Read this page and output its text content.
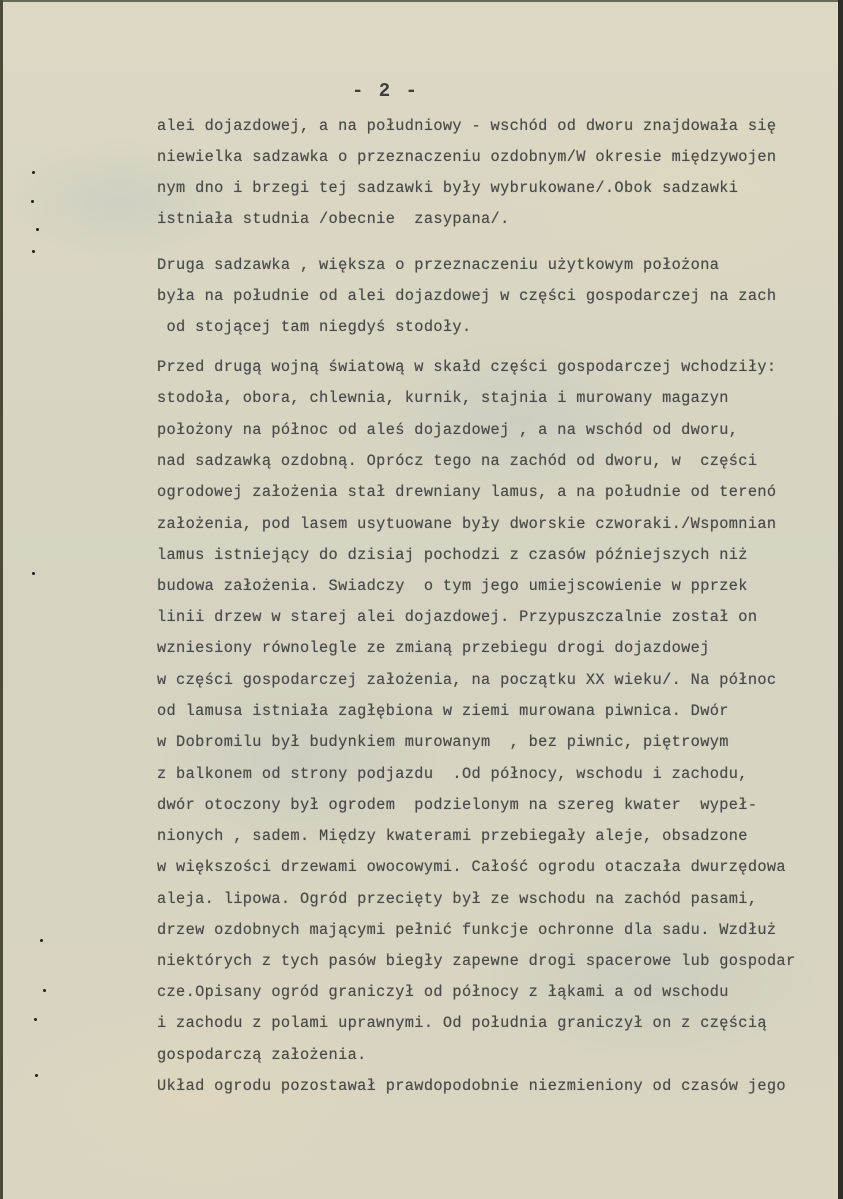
- 2 -
alei dojazdowej, a na południowy - wschód od dworu znajdowała się
niewielka sadzawka o przeznaczeniu ozdobnym/W okresie międzywojen
nym dno i brzegi tej sadzawki były wybrukowane/.Obok sadzawki
istniała studnia /obecnie  zasypana/.
Druga sadzawka , większa o przeznaczeniu użytkowym położona
była na południe od alei dojazdowej w części gospodarczej na zach
od stojącej tam niegdyś stodoły.
Przed drugą wojną światową w skałd części gospodarczej wchodziły:
stodoła, obora, chlewnia, kurnik, stajnia i murowany magazyn
położony na północ od aleś dojazdowej , a na wschód od dworu,
nad sadzawką ozdobną. Oprócz tego na zachód od dworu, w  części
ogrodowej założenia stał drewniany lamus, a na południe od terenó
założenia, pod lasem usytuowane były dworskie czworaki./Wspomnian
lamus istniejący do dzisiaj pochodzi z czasów późniejszych niż
budowa założenia. Swiadczy  o tym jego umiejscowienie w pprzek
linii drzew w starej alei dojazdowej. Przypuszczalnie został on
wzniesiony równolegle ze zmianą przebiegu drogi dojazdowej
w części gospodarczej założenia, na początku XX wieku/. Na północ
od lamusa istniała zagłębiona w ziemi murowana piwnica. Dwór
w Dobromilu był budynkiem murowanym  , bez piwnic, piętrowym
z balkonem od strony podjazdu  .Od północy, wschodu i zachodu,
dwór otoczony był ogrodem  podzielonym na szereg kwater  wypeł-
nionych , sadem. Między kwaterami przebiegały aleje, obsadzone
w większości drzewami owocowymi. Całość ogrodu otaczała dwurzędowa
aleja. lipowa. Ogród przecięty był ze wschodu na zachód pasami,
drzew ozdobnych mającymi pełnić funkcje ochronne dla sadu. Wzdłuż
niektórych z tych pasów biegły zapewne drogi spacerowe lub gospodar
cze.Opisany ogród graniczył od północy z łąkami a od wschodu
i zachodu z polami uprawnymi. Od południa graniczył on z częścią
gospodarczą założenia.
Układ ogrodu pozostawał prawdopodobnie niezmieniony od czasów jego
